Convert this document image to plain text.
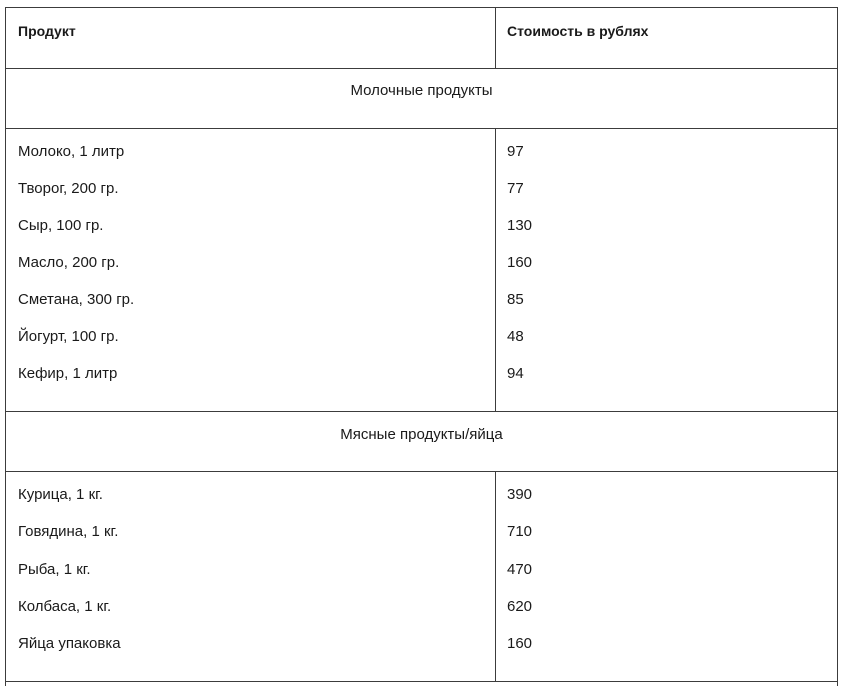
Продукт	Стоимость в рублях
Молочные продукты
Молоко, 1 литр	97
Творог, 200 гр.	77
Сыр, 100 гр.	130
Масло, 200 гр.	160
Сметана, 300 гр.	85
Йогурт, 100 гр.	48
Кефир, 1 литр	94
Мясные продукты/яйца
Курица, 1 кг.	390
Говядина, 1 кг.	710
Рыба, 1 кг.	470
Колбаса, 1 кг.	620
Яйца упаковка	160
